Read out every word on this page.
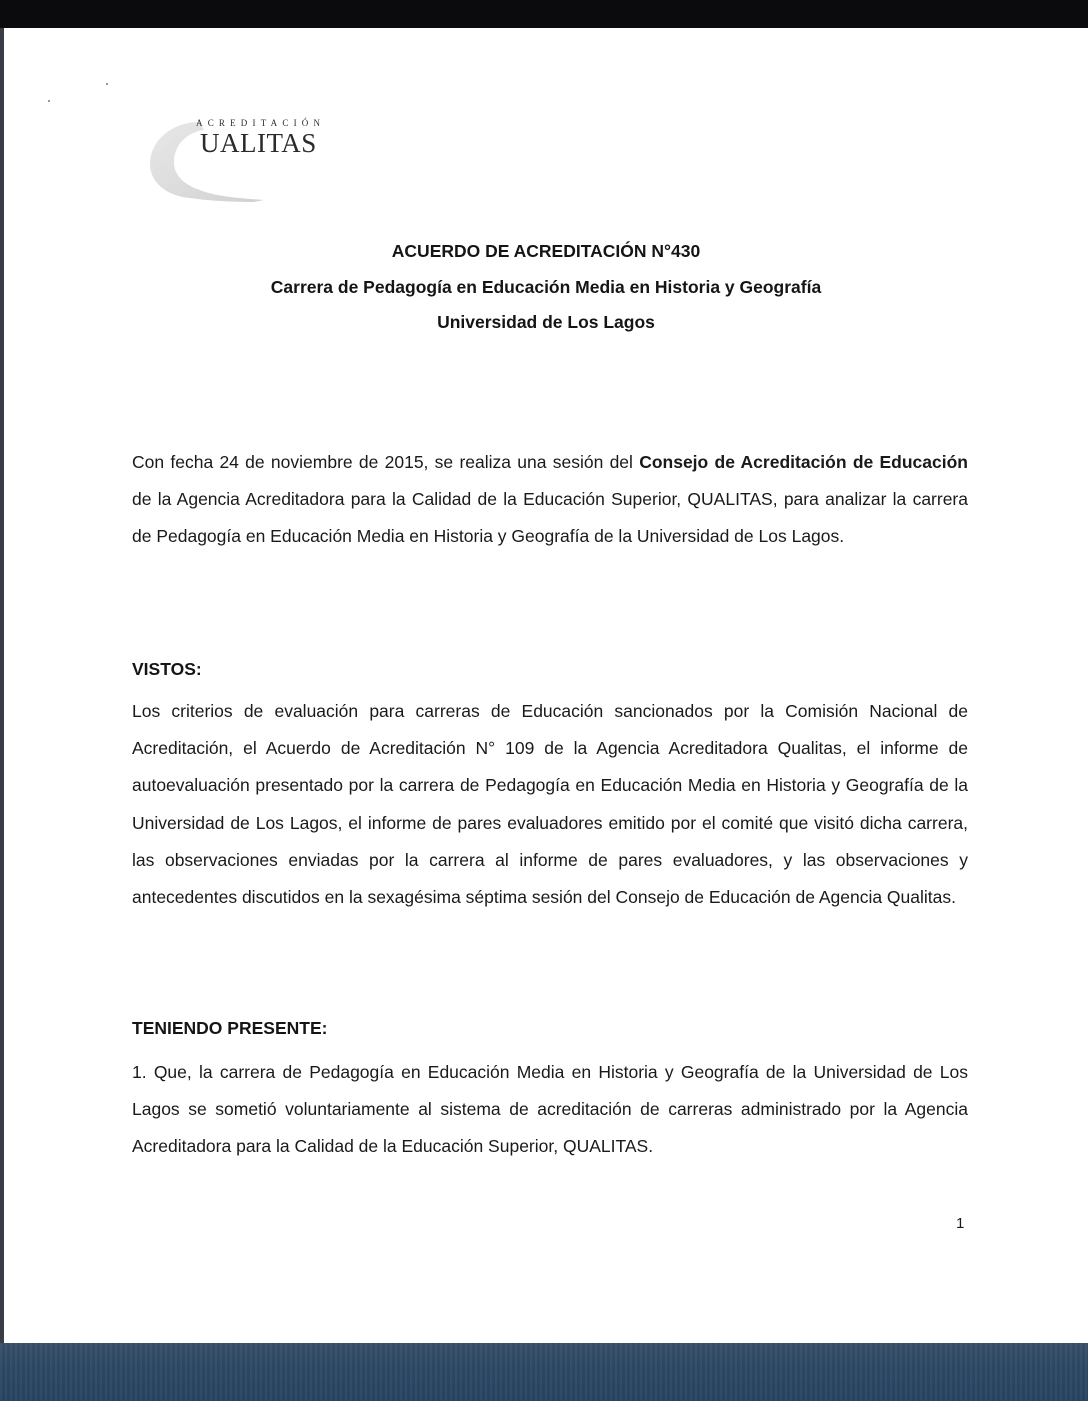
ACREDITACIÓN
UALITAS
ACUERDO DE ACREDITACIÓN N°430
Carrera de Pedagogía en Educación Media en Historia y Geografía
Universidad de Los Lagos
Con fecha 24 de noviembre de 2015, se realiza una sesión del Consejo de Acreditación de Educación de la Agencia Acreditadora para la Calidad de la Educación Superior, QUALITAS, para analizar la carrera de Pedagogía en Educación Media en Historia y Geografía de la Universidad de Los Lagos.
VISTOS:
Los criterios de evaluación para carreras de Educación sancionados por la Comisión Nacional de Acreditación, el Acuerdo de Acreditación N° 109 de la Agencia Acreditadora Qualitas, el informe de autoevaluación presentado por la carrera de Pedagogía en Educación Media en Historia y Geografía de la Universidad de Los Lagos, el informe de pares evaluadores emitido por el comité que visitó dicha carrera, las observaciones enviadas por la carrera al informe de pares evaluadores, y las observaciones y antecedentes discutidos en la sexagésima séptima sesión del Consejo de Educación de Agencia Qualitas.
TENIENDO PRESENTE:
1. Que, la carrera de Pedagogía en Educación Media en Historia y Geografía de la Universidad de Los Lagos se sometió voluntariamente al sistema de acreditación de carreras administrado por la Agencia Acreditadora para la Calidad de la Educación Superior, QUALITAS.
1
